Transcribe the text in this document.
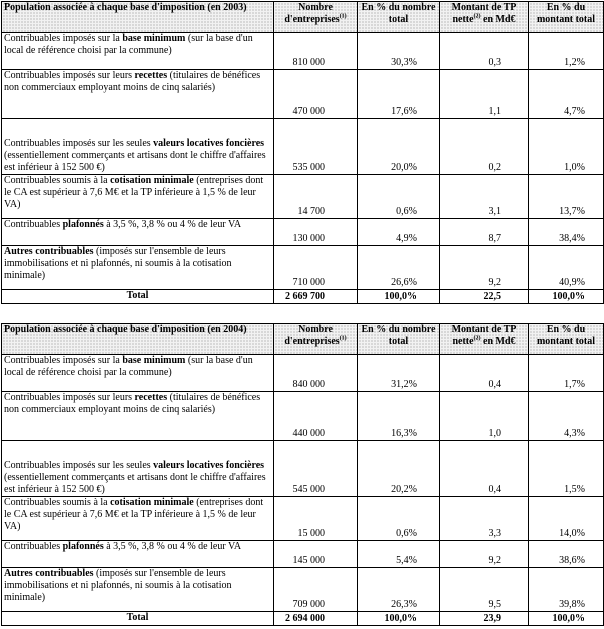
Population associée à chaque base d'imposition (en 2003)	Nombre d'entreprises$^{(1)}$	En % du nombre total	Montant de TP nette$^{(2)}$ en Md€	En % du montant total
Contribuables imposés sur la base minimum (sur la base d'un local de référence choisi par la commune)	810 000	30,3%	0,3	1,2%
Contribuables imposés sur leurs recettes (titulaires de bénéfices non commerciaux employant moins de cinq salariés)	470 000	17,6%	1,1	4,7%
Contribuables imposés sur les seules valeurs locatives foncières (essentiellement commerçants et artisans dont le chiffre d'affaires est inférieur à 152 500 €)	535 000	20,0%	0,2	1,0%
Contribuables soumis à la cotisation minimale (entreprises dont le CA est supérieur à 7,6 M€ et la TP inférieure à 1,5 % de leur VA)	14 700	0,6%	3,1	13,7%
Contribuables plafonnés à 3,5 %, 3,8 % ou 4 % de leur VA	130 000	4,9%	8,7	38,4%
Autres contribuables (imposés sur l'ensemble de leurs immobilisations et ni plafonnés, ni soumis à la cotisation minimale)	710 000	26,6%	9,2	40,9%
Total	2 669 700	100,0%	22,5	100,0%
Population associée à chaque base d'imposition (en 2004)	Nombre d'entreprises$^{(1)}$	En % du nombre total	Montant de TP nette$^{(2)}$ en Md€	En % du montant total
Contribuables imposés sur la base minimum (sur la base d'un local de référence choisi par la commune)	840 000	31,2%	0,4	1,7%
Contribuables imposés sur leurs recettes (titulaires de bénéfices non commerciaux employant moins de cinq salariés)	440 000	16,3%	1,0	4,3%
Contribuables imposés sur les seules valeurs locatives foncières (essentiellement commerçants et artisans dont le chiffre d'affaires est inférieur à 152 500 €)	545 000	20,2%	0,4	1,5%
Contribuables soumis à la cotisation minimale (entreprises dont le CA est supérieur à 7,6 M€ et la TP inférieure à 1,5 % de leur VA)	15 000	0,6%	3,3	14,0%
Contribuables plafonnés à 3,5 %, 3,8 % ou 4 % de leur VA	145 000	5,4%	9,2	38,6%
Autres contribuables (imposés sur l'ensemble de leurs immobilisations et ni plafonnés, ni soumis à la cotisation minimale)	709 000	26,3%	9,5	39,8%
Total	2 694 000	100,0%	23,9	100,0%
